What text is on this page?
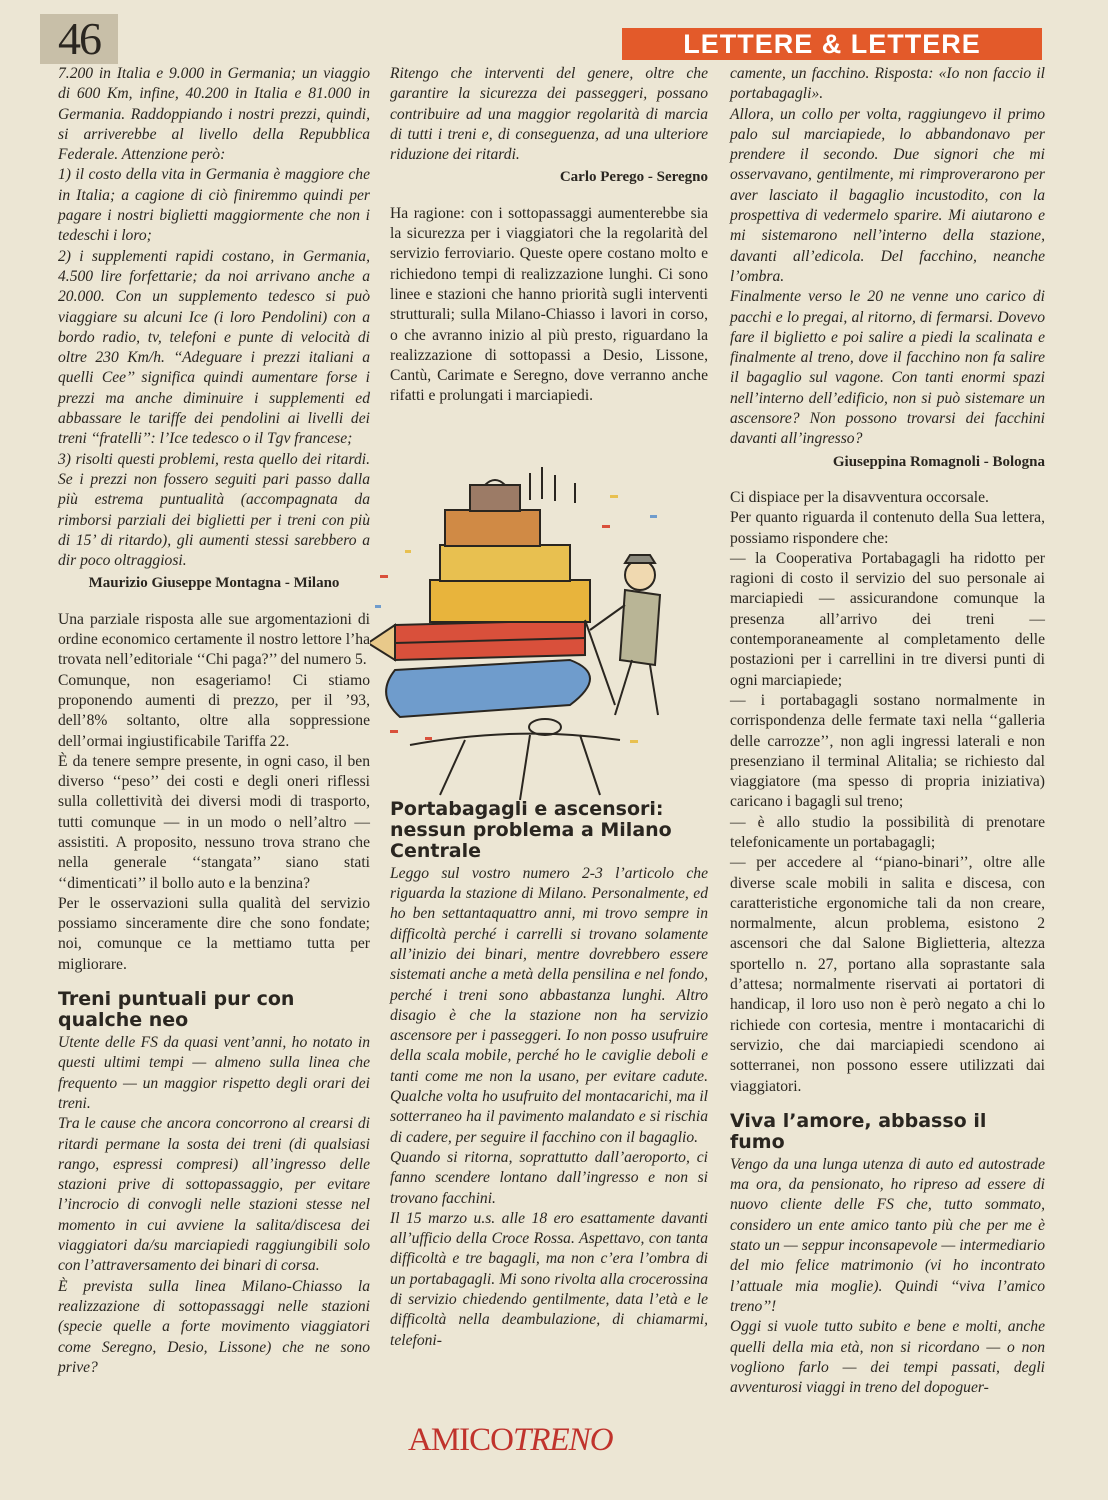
46	LETTERE & LETTERE

7.200 in Italia e 9.000 in Germania; un viaggio di 600 Km, infine, 40.200 in Italia e 81.000 in Germania. Raddoppiando i nostri prezzi, quindi, si arriverebbe al livello della Repubblica Federale. Attenzione però:

1) il costo della vita in Germania è maggiore che in Italia; a cagione di ciò finiremmo quindi per pagare i nostri biglietti maggiormente che non i tedeschi i loro;

2) i supplementi rapidi costano, in Germania, 4.500 lire forfettarie; da noi arrivano anche a 20.000. Con un supplemento tedesco si può viaggiare su alcuni Ice (i loro Pendolini) con a bordo radio, tv, telefoni e punte di velocità di oltre 230 Km/h. ‘‘Adeguare i prezzi italiani a quelli Cee’’ significa quindi aumentare forse i prezzi ma anche diminuire i supplementi ed abbassare le tariffe dei pendolini ai livelli dei treni ‘‘fratelli’’: l’Ice tedesco o il Tgv francese;

3) risolti questi problemi, resta quello dei ritardi. Se i prezzi non fossero seguiti pari passo dalla più estrema puntualità (accompagnata da rimborsi parziali dei biglietti per i treni con più di 15’ di ritardo), gli aumenti stessi sarebbero a dir poco oltraggiosi.

Maurizio Giuseppe Montagna - Milano

Una parziale risposta alle sue argomentazioni di ordine economico certamente il nostro lettore l’ha trovata nell’editoriale ‘‘Chi paga?’’ del numero 5.

Comunque, non esageriamo! Ci stiamo proponendo aumenti di prezzo, per il ’93, dell’8% soltanto, oltre alla soppressione dell’ormai ingiustificabile Tariffa 22.

È da tenere sempre presente, in ogni caso, il ben diverso ‘‘peso’’ dei costi e degli oneri riflessi sulla collettività dei diversi modi di trasporto, tutti comunque — in un modo o nell’altro — assistiti. A proposito, nessuno trova strano che nella generale ‘‘stangata’’ siano stati ‘‘dimenticati’’ il bollo auto e la benzina?

Per le osservazioni sulla qualità del servizio possiamo sinceramente dire che sono fondate; noi, comunque ce la mettiamo tutta per migliorare.

Treni puntuali pur con qualche neo

Utente delle FS da quasi vent’anni, ho notato in questi ultimi tempi — almeno sulla linea che frequento — un maggior rispetto degli orari dei treni.

Tra le cause che ancora concorrono al crearsi di ritardi permane la sosta dei treni (di qualsiasi rango, espressi compresi) all’ingresso delle stazioni prive di sottopassaggio, per evitare l’incrocio di convogli nelle stazioni stesse nel momento in cui avviene la salita/discesa dei viaggiatori da/su marciapiedi raggiungibili solo con l’attraversamento dei binari di corsa.

È prevista sulla linea Milano-Chiasso la realizzazione di sottopassaggi nelle stazioni (specie quelle a forte movimento viaggiatori come Seregno, Desio, Lissone) che ne sono prive?

Ritengo che interventi del genere, oltre che garantire la sicurezza dei passeggeri, possano contribuire ad una maggior regolarità di marcia di tutti i treni e, di conseguenza, ad una ulteriore riduzione dei ritardi.

Carlo Perego - Seregno

Ha ragione: con i sottopassaggi aumenterebbe sia la sicurezza per i viaggiatori che la regolarità del servizio ferroviario. Queste opere costano molto e richiedono tempi di realizzazione lunghi. Ci sono linee e stazioni che hanno priorità sugli interventi strutturali; sulla Milano-Chiasso i lavori in corso, o che avranno inizio al più presto, riguardano la realizzazione di sottopassi a Desio, Lissone, Cantù, Carimate e Seregno, dove verranno anche rifatti e prolungati i marciapiedi.

Portabagagli e ascensori: nessun problema a Milano Centrale

Leggo sul vostro numero 2-3 l’articolo che riguarda la stazione di Milano. Personalmente, ed ho ben settantaquattro anni, mi trovo sempre in difficoltà perché i carrelli si trovano solamente all’inizio dei binari, mentre dovrebbero essere sistemati anche a metà della pensilina e nel fondo, perché i treni sono abbastanza lunghi. Altro disagio è che la stazione non ha servizio ascensore per i passeggeri. Io non posso usufruire della scala mobile, perché ho le caviglie deboli e tanti come me non la usano, per evitare cadute. Qualche volta ho usufruito del montacarichi, ma il sotterraneo ha il pavimento malandato e si rischia di cadere, per seguire il facchino con il bagaglio.

Quando si ritorna, soprattutto dall’aeroporto, ci fanno scendere lontano dall’ingresso e non si trovano facchini.

Il 15 marzo u.s. alle 18 ero esattamente davanti all’ufficio della Croce Rossa. Aspettavo, con tanta difficoltà e tre bagagli, ma non c’era l’ombra di un portabagagli. Mi sono rivolta alla crocerossina di servizio chiedendo gentilmente, data l’età e le difficoltà nella deambulazione, di chiamarmi, telefoni-

camente, un facchino. Risposta: «Io non faccio il portabagagli».

Allora, un collo per volta, raggiungevo il primo palo sul marciapiede, lo abbandonavo per prendere il secondo. Due signori che mi osservavano, gentilmente, mi rimproverarono per aver lasciato il bagaglio incustodito, con la prospettiva di vedermelo sparire. Mi aiutarono e mi sistemarono nell’interno della stazione, davanti all’edicola. Del facchino, neanche l’ombra.

Finalmente verso le 20 ne venne uno carico di pacchi e lo pregai, al ritorno, di fermarsi. Dovevo fare il biglietto e poi salire a piedi la scalinata e finalmente al treno, dove il facchino non fa salire il bagaglio sul vagone. Con tanti enormi spazi nell’interno dell’edificio, non si può sistemare un ascensore? Non possono trovarsi dei facchini davanti all’ingresso?

Giuseppina Romagnoli - Bologna

Ci dispiace per la disavventura occorsale.

Per quanto riguarda il contenuto della Sua lettera, possiamo rispondere che:

— la Cooperativa Portabagagli ha ridotto per ragioni di costo il servizio del suo personale ai marciapiedi — assicurandone comunque la presenza all’arrivo dei treni — contemporaneamente al completamento delle postazioni per i carrellini in tre diversi punti di ogni marciapiede;

— i portabagagli sostano normalmente in corrispondenza delle fermate taxi nella ‘‘galleria delle carrozze’’, non agli ingressi laterali e non presenziano il terminal Alitalia; se richiesto dal viaggiatore (ma spesso di propria iniziativa) caricano i bagagli sul treno;

— è allo studio la possibilità di prenotare telefonicamente un portabagagli;

— per accedere al ‘‘piano-binari’’, oltre alle diverse scale mobili in salita e discesa, con caratteristiche ergonomiche tali da non creare, normalmente, alcun problema, esistono 2 ascensori che dal Salone Biglietteria, altezza sportello n. 27, portano alla soprastante sala d’attesa; normalmente riservati ai portatori di handicap, il loro uso non è però negato a chi lo richiede con cortesia, mentre i montacarichi di servizio, che dai marciapiedi scendono ai sotterranei, non possono essere utilizzati dai viaggiatori.

Viva l’amore, abbasso il fumo

Vengo da una lunga utenza di auto ed autostrade ma ora, da pensionato, ho ripreso ad essere di nuovo cliente delle FS che, tutto sommato, considero un ente amico tanto più che per me è stato un — seppur inconsapevole — intermediario del mio felice matrimonio (vi ho incontrato l’attuale mia moglie). Quindi ‘‘viva l’amico treno’’!

Oggi si vuole tutto subito e bene e molti, anche quelli della mia età, non si ricordano — o non vogliono farlo — dei tempi passati, degli avventurosi viaggi in treno del dopoguer-

AMICOTRENO
